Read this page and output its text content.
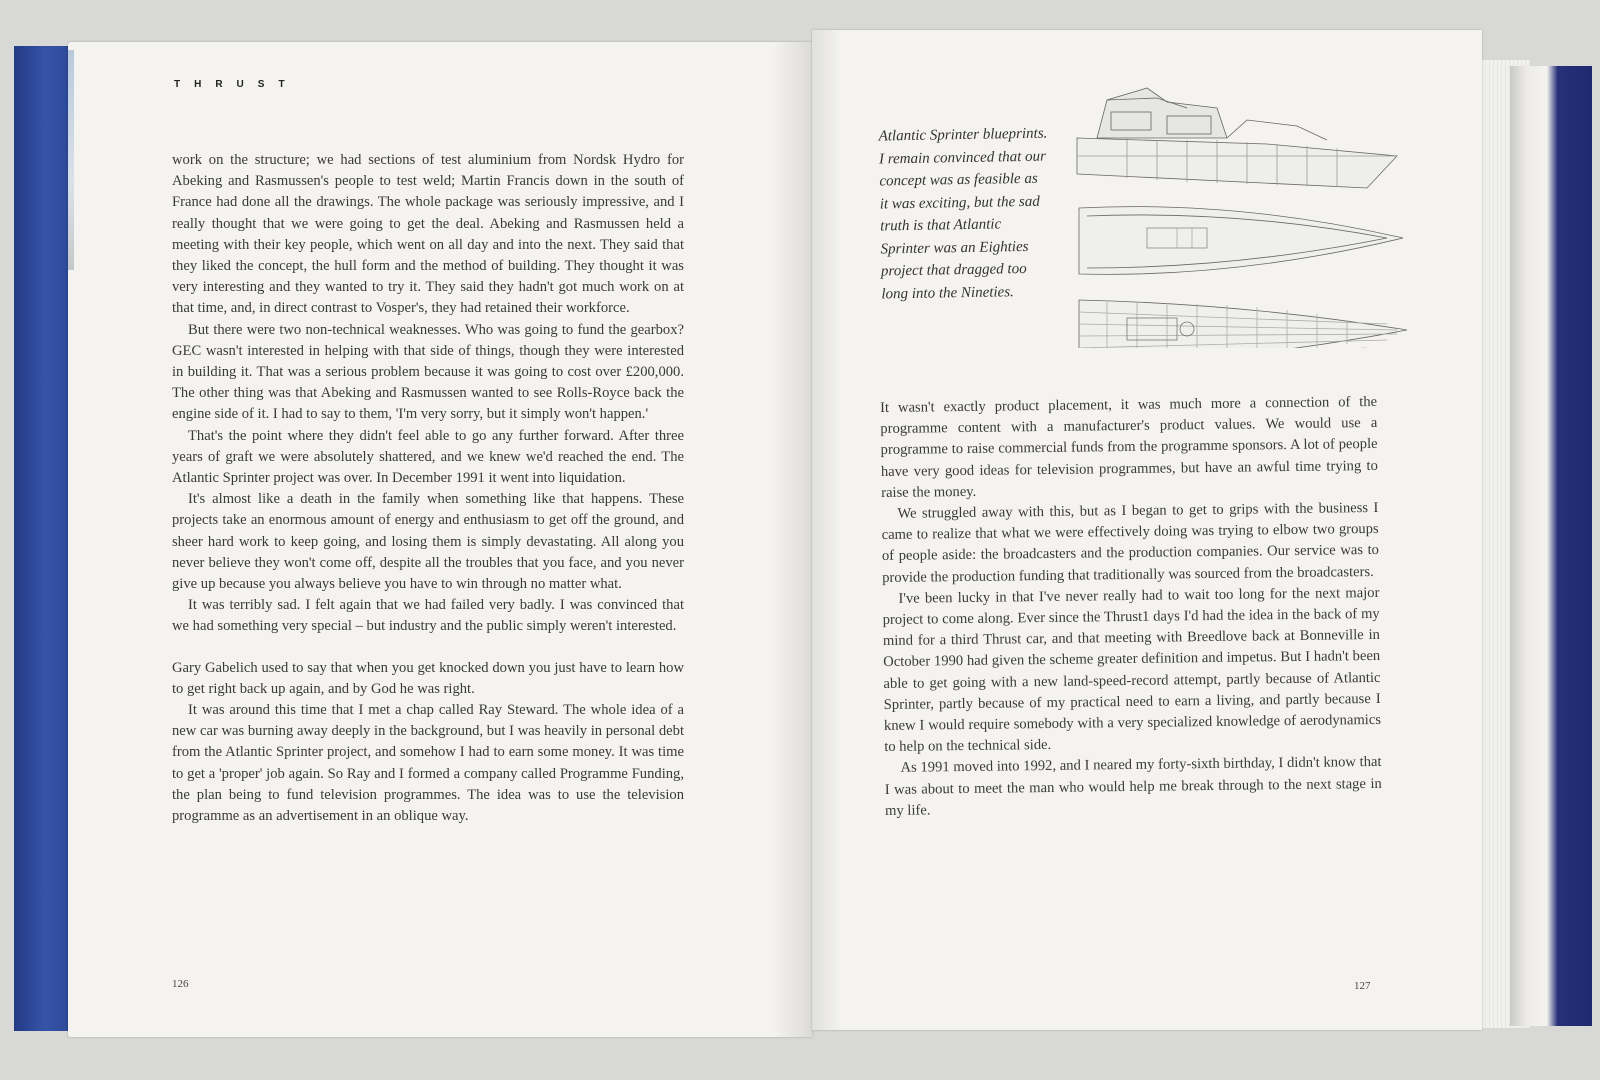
THRUST

work on the structure; we had sections of test aluminium from Nordsk Hydro for Abeking and Rasmussen's people to test weld; Martin Francis down in the south of France had done all the drawings. The whole package was seriously impressive, and I really thought that we were going to get the deal. Abeking and Rasmussen held a meeting with their key people, which went on all day and into the next. They said that they liked the concept, the hull form and the method of building. They thought it was very interesting and they wanted to try it. They said they hadn't got much work on at that time, and, in direct contrast to Vosper's, they had retained their workforce.

But there were two non-technical weaknesses. Who was going to fund the gearbox? GEC wasn't interested in helping with that side of things, though they were interested in building it. That was a serious problem because it was going to cost over £200,000. The other thing was that Abeking and Rasmussen wanted to see Rolls-Royce back the engine side of it. I had to say to them, 'I'm very sorry, but it simply won't happen.'

That's the point where they didn't feel able to go any further forward. After three years of graft we were absolutely shattered, and we knew we'd reached the end. The Atlantic Sprinter project was over. In December 1991 it went into liquidation.

It's almost like a death in the family when something like that happens. These projects take an enormous amount of energy and enthusiasm to get off the ground, and sheer hard work to keep going, and losing them is simply devastating. All along you never believe they won't come off, despite all the troubles that you face, and you never give up because you always believe you have to win through no matter what.

It was terribly sad. I felt again that we had failed very badly. I was convinced that we had something very special – but industry and the public simply weren't interested.

Gary Gabelich used to say that when you get knocked down you just have to learn how to get right back up again, and by God he was right.

It was around this time that I met a chap called Ray Steward. The whole idea of a new car was burning away deeply in the background, but I was heavily in personal debt from the Atlantic Sprinter project, and somehow I had to earn some money. It was time to get a 'proper' job again. So Ray and I formed a company called Programme Funding, the plan being to fund television programmes. The idea was to use the television programme as an advertisement in an oblique way.

126
Atlantic Sprinter blueprints. I remain convinced that our concept was as feasible as it was exciting, but the sad truth is that Atlantic Sprinter was an Eighties project that dragged too long into the Nineties.

It wasn't exactly product placement, it was much more a connection of the programme content with a manufacturer's product values. We would use a programme to raise commercial funds from the programme sponsors. A lot of people have very good ideas for television programmes, but have an awful time trying to raise the money.

We struggled away with this, but as I began to get to grips with the business I came to realize that what we were effectively doing was trying to elbow two groups of people aside: the broadcasters and the production companies. Our service was to provide the production funding that traditionally was sourced from the broadcasters.

I've been lucky in that I've never really had to wait too long for the next major project to come along. Ever since the Thrust1 days I'd had the idea in the back of my mind for a third Thrust car, and that meeting with Breedlove back at Bonneville in October 1990 had given the scheme greater definition and impetus. But I hadn't been able to get going with a new land-speed-record attempt, partly because of Atlantic Sprinter, partly because of my practical need to earn a living, and partly because I knew I would require somebody with a very specialized knowledge of aerodynamics to help on the technical side.

As 1991 moved into 1992, and I neared my forty-sixth birthday, I didn't know that I was about to meet the man who would help me break through to the next stage in my life.

127
